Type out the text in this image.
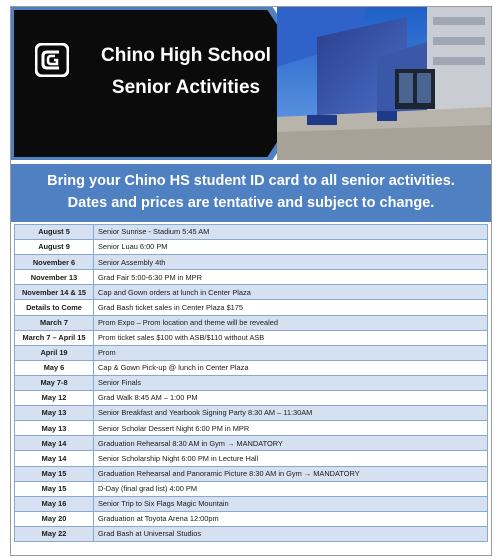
Chino High School
Senior Activities
Bring your Chino HS student ID card to all senior activities.
Dates and prices are tentative and subject to change.
August 5	Senior Sunrise - Stadium 5:45 AM
August 9	Senior Luau 6:00 PM
November 6	Senior Assembly 4th
November 13	Grad Fair 5:00-6:30 PM in MPR
November 14 & 15	Cap and Gown orders at lunch in Center Plaza
Details to Come	Grad Bash ticket sales in Center Plaza $175
March 7	Prom Expo – Prom location and theme will be revealed
March 7 – April 15	Prom ticket sales $100 with ASB/$110 without ASB
April 19	Prom
May 6	Cap & Gown Pick-up @ lunch in Center Plaza
May 7-8	Senior Finals
May 12	Grad Walk 8:45 AM – 1:00 PM
May 13	Senior Breakfast and Yearbook Signing Party 8:30 AM – 11:30AM
May 13	Senior Scholar Dessert Night 6:00 PM in MPR
May 14	Graduation Rehearsal 8:30 AM in Gym → MANDATORY
May 14	Senior Scholarship Night 6:00 PM in Lecture Hall
May 15	Graduation Rehearsal and Panoramic Picture 8:30 AM in Gym → MANDATORY
May 15	D-Day (final grad list) 4:00 PM
May 16	Senior Trip to Six Flags Magic Mountain
May 20	Graduation at Toyota Arena 12:00pm
May 22	Grad Bash at Universal Studios
